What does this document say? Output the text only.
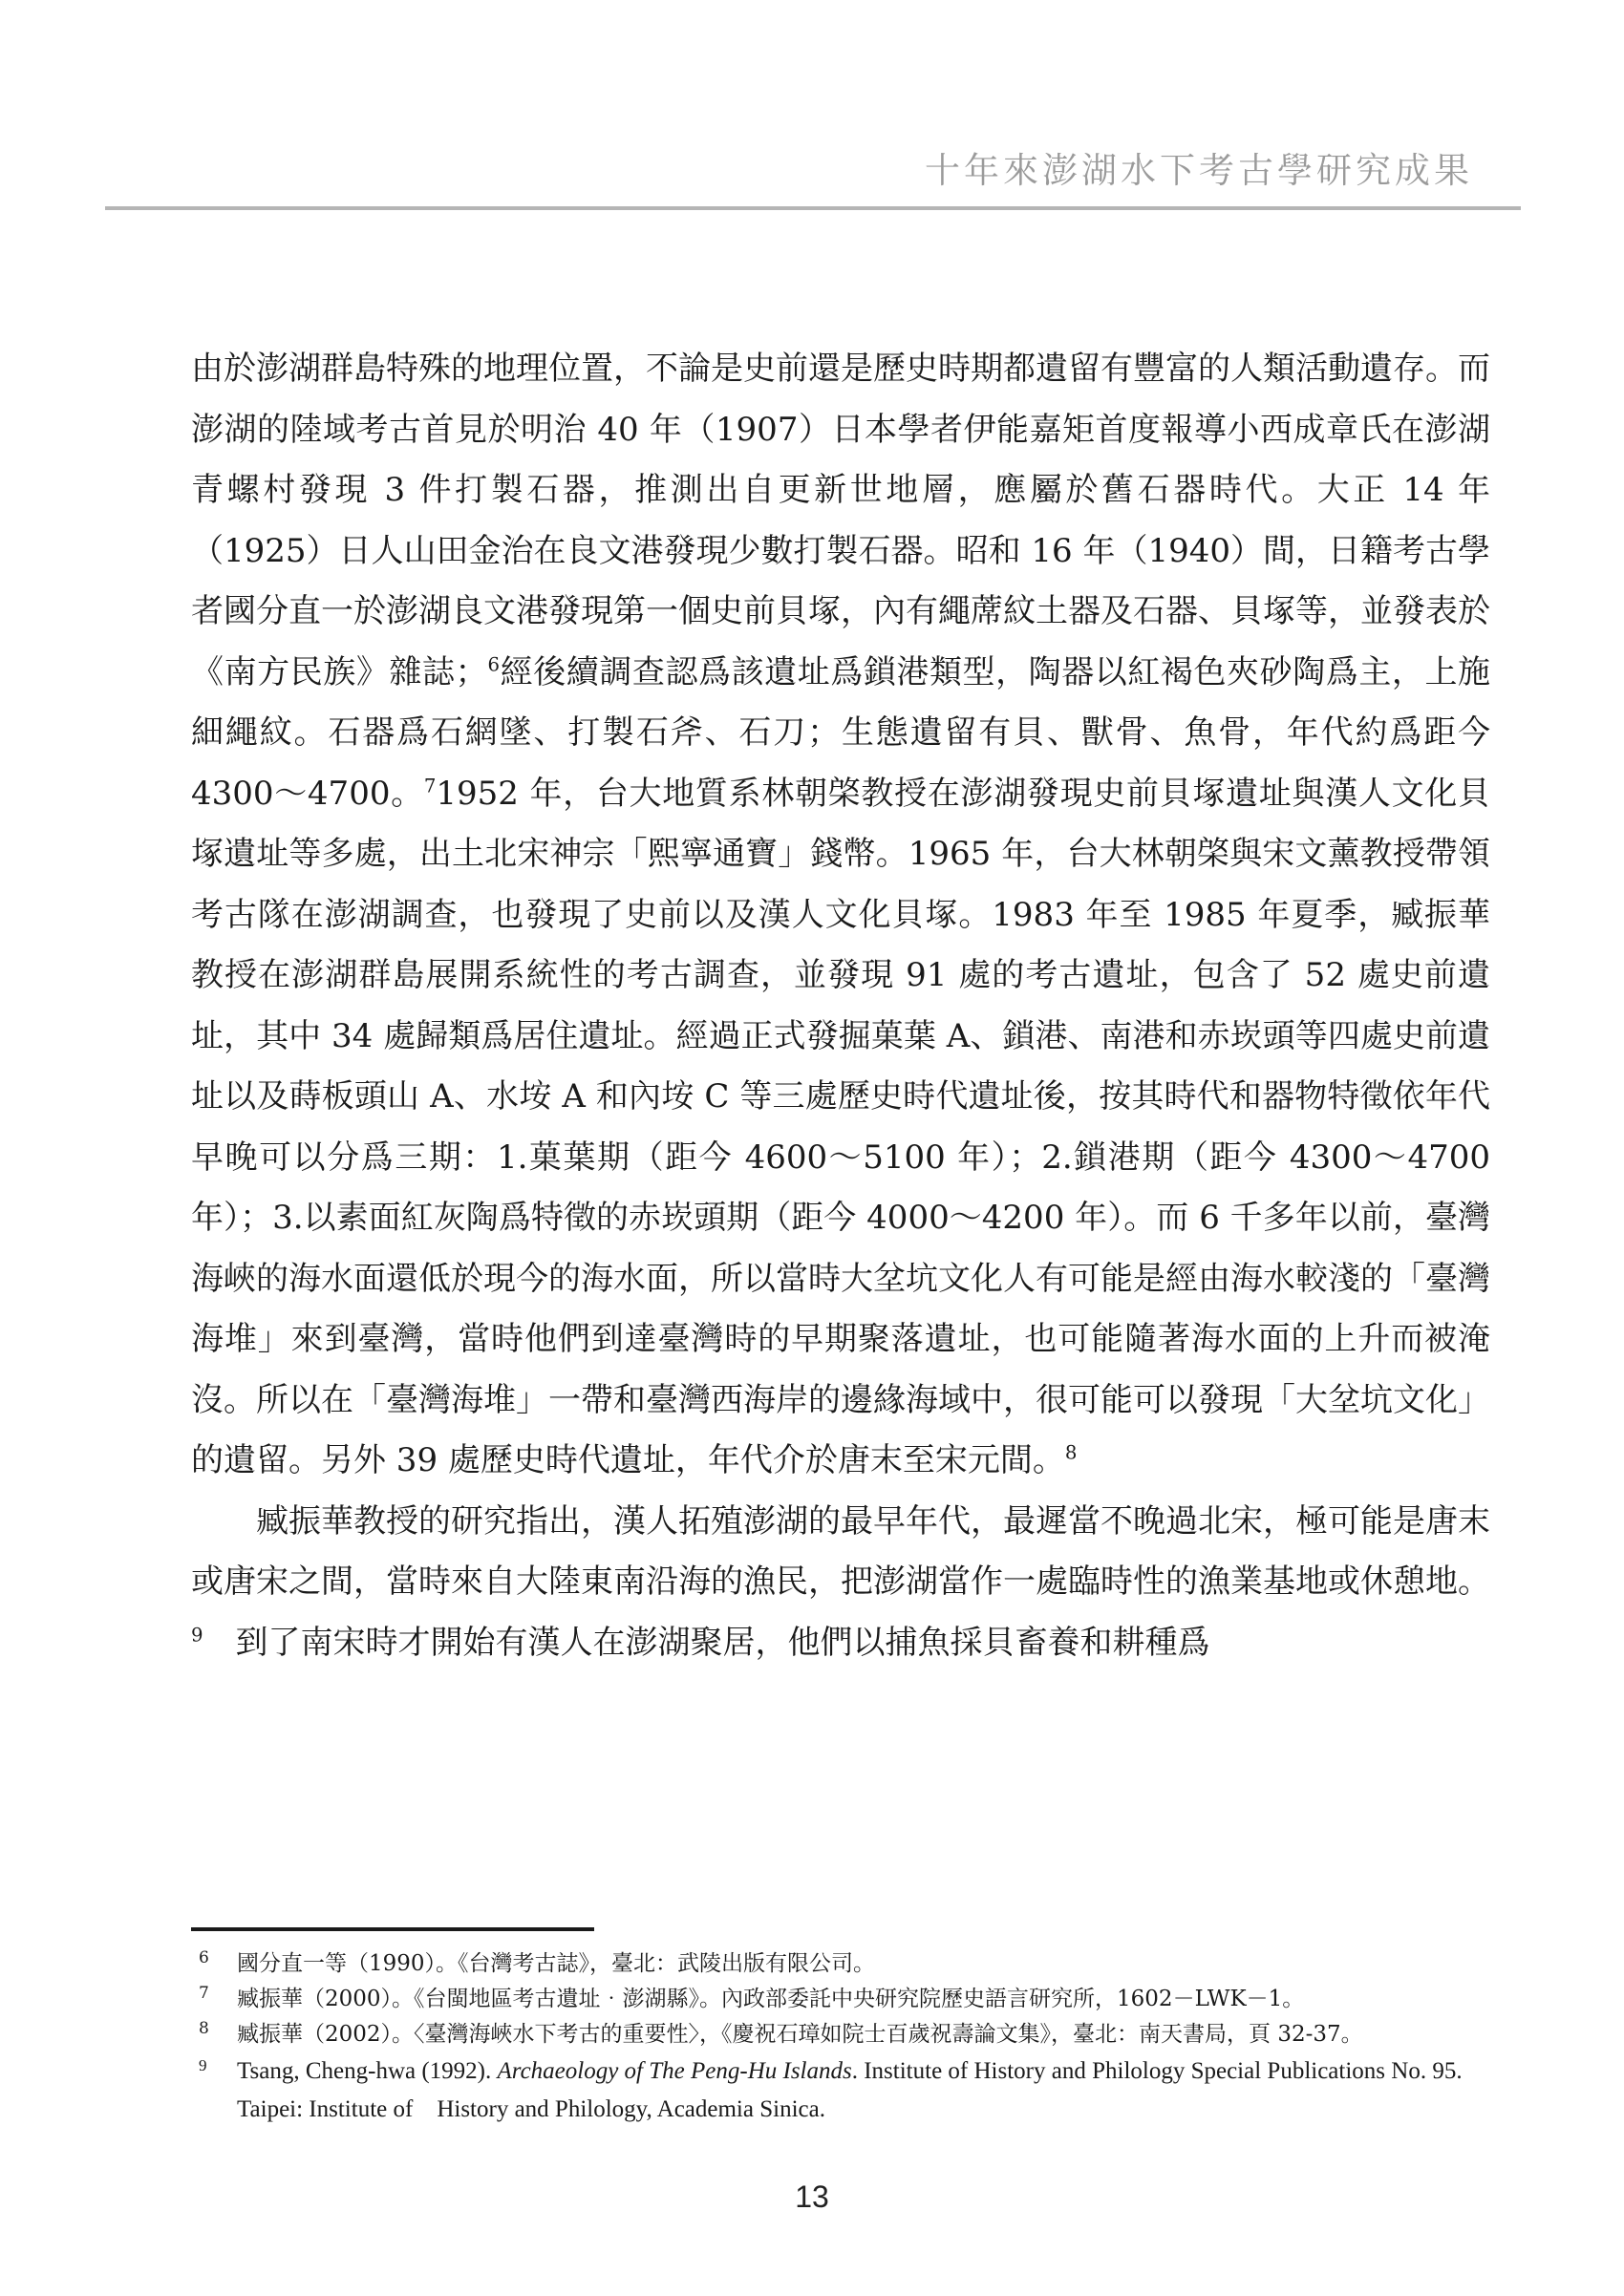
十年來澎湖水下考古學研究成果

由於澎湖群島特殊的地理位置，不論是史前還是歷史時期都遺留有豐富的人類活動遺存。而澎湖的陸域考古首見於明治 40 年（1907）日本學者伊能嘉矩首度報導小西成章氏在澎湖青螺村發現 3 件打製石器，推測出自更新世地層，應屬於舊石器時代。大正 14 年（1925）日人山田金治在良文港發現少數打製石器。昭和 16 年（1940）間，日籍考古學者國分直一於澎湖良文港發現第一個史前貝塚，內有繩蓆紋土器及石器、貝塚等，並發表於《南方民族》雜誌；$^6$經後續調查認爲該遺址爲鎖港類型，陶器以紅褐色夾砂陶爲主，上施細繩紋。石器爲石網墜、打製石斧、石刀；生態遺留有貝、獸骨、魚骨，年代約爲距今 4300～4700。$^7$1952 年，台大地質系林朝棨教授在澎湖發現史前貝塚遺址與漢人文化貝塚遺址等多處，出土北宋神宗「熙寧通寶」錢幣。1965 年，台大林朝棨與宋文薰教授帶領考古隊在澎湖調查，也發現了史前以及漢人文化貝塚。1983 年至 1985 年夏季，臧振華教授在澎湖群島展開系統性的考古調查，並發現 91 處的考古遺址，包含了 52 處史前遺址，其中 34 處歸類爲居住遺址。經過正式發掘菓葉 A、鎖港、南港和赤崁頭等四處史前遺址以及蒔板頭山 A、水垵 A 和內垵 C 等三處歷史時代遺址後，按其時代和器物特徵依年代早晚可以分爲三期：1.菓葉期（距今 4600～5100 年）；2.鎖港期（距今 4300～4700 年）；3.以素面紅灰陶爲特徵的赤崁頭期（距今 4000～4200 年）。而 6 千多年以前，臺灣海峽的海水面還低於現今的海水面，所以當時大坌坑文化人有可能是經由海水較淺的「臺灣海堆」來到臺灣，當時他們到達臺灣時的早期聚落遺址，也可能隨著海水面的上升而被淹沒。所以在「臺灣海堆」一帶和臺灣西海岸的邊緣海域中，很可能可以發現「大坌坑文化」的遺留。另外 39 處歷史時代遺址，年代介於唐末至宋元間。$^8$

臧振華教授的研究指出，漢人拓殖澎湖的最早年代，最遲當不晚過北宋，極可能是唐末或唐宋之間，當時來自大陸東南沿海的漁民，把澎湖當作一處臨時性的漁業基地或休憩地。$^9$　到了南宋時才開始有漢人在澎湖聚居，他們以捕魚採貝畜養和耕種爲

6 國分直一等（1990）。《台灣考古誌》，臺北：武陵出版有限公司。
7 臧振華（2000）。《台閩地區考古遺址‧澎湖縣》。內政部委託中央研究院歷史語言研究所，1602－LWK－1。
8 臧振華（2002）。〈臺灣海峽水下考古的重要性〉，《慶祝石璋如院士百歲祝壽論文集》，臺北：南天書局，頁 32-37。
9 Tsang, Cheng-hwa (1992). Archaeology of The Peng-Hu Islands. Institute of History and Philology Special Publications No. 95. Taipei: Institute of　History and Philology, Academia Sinica.
13
